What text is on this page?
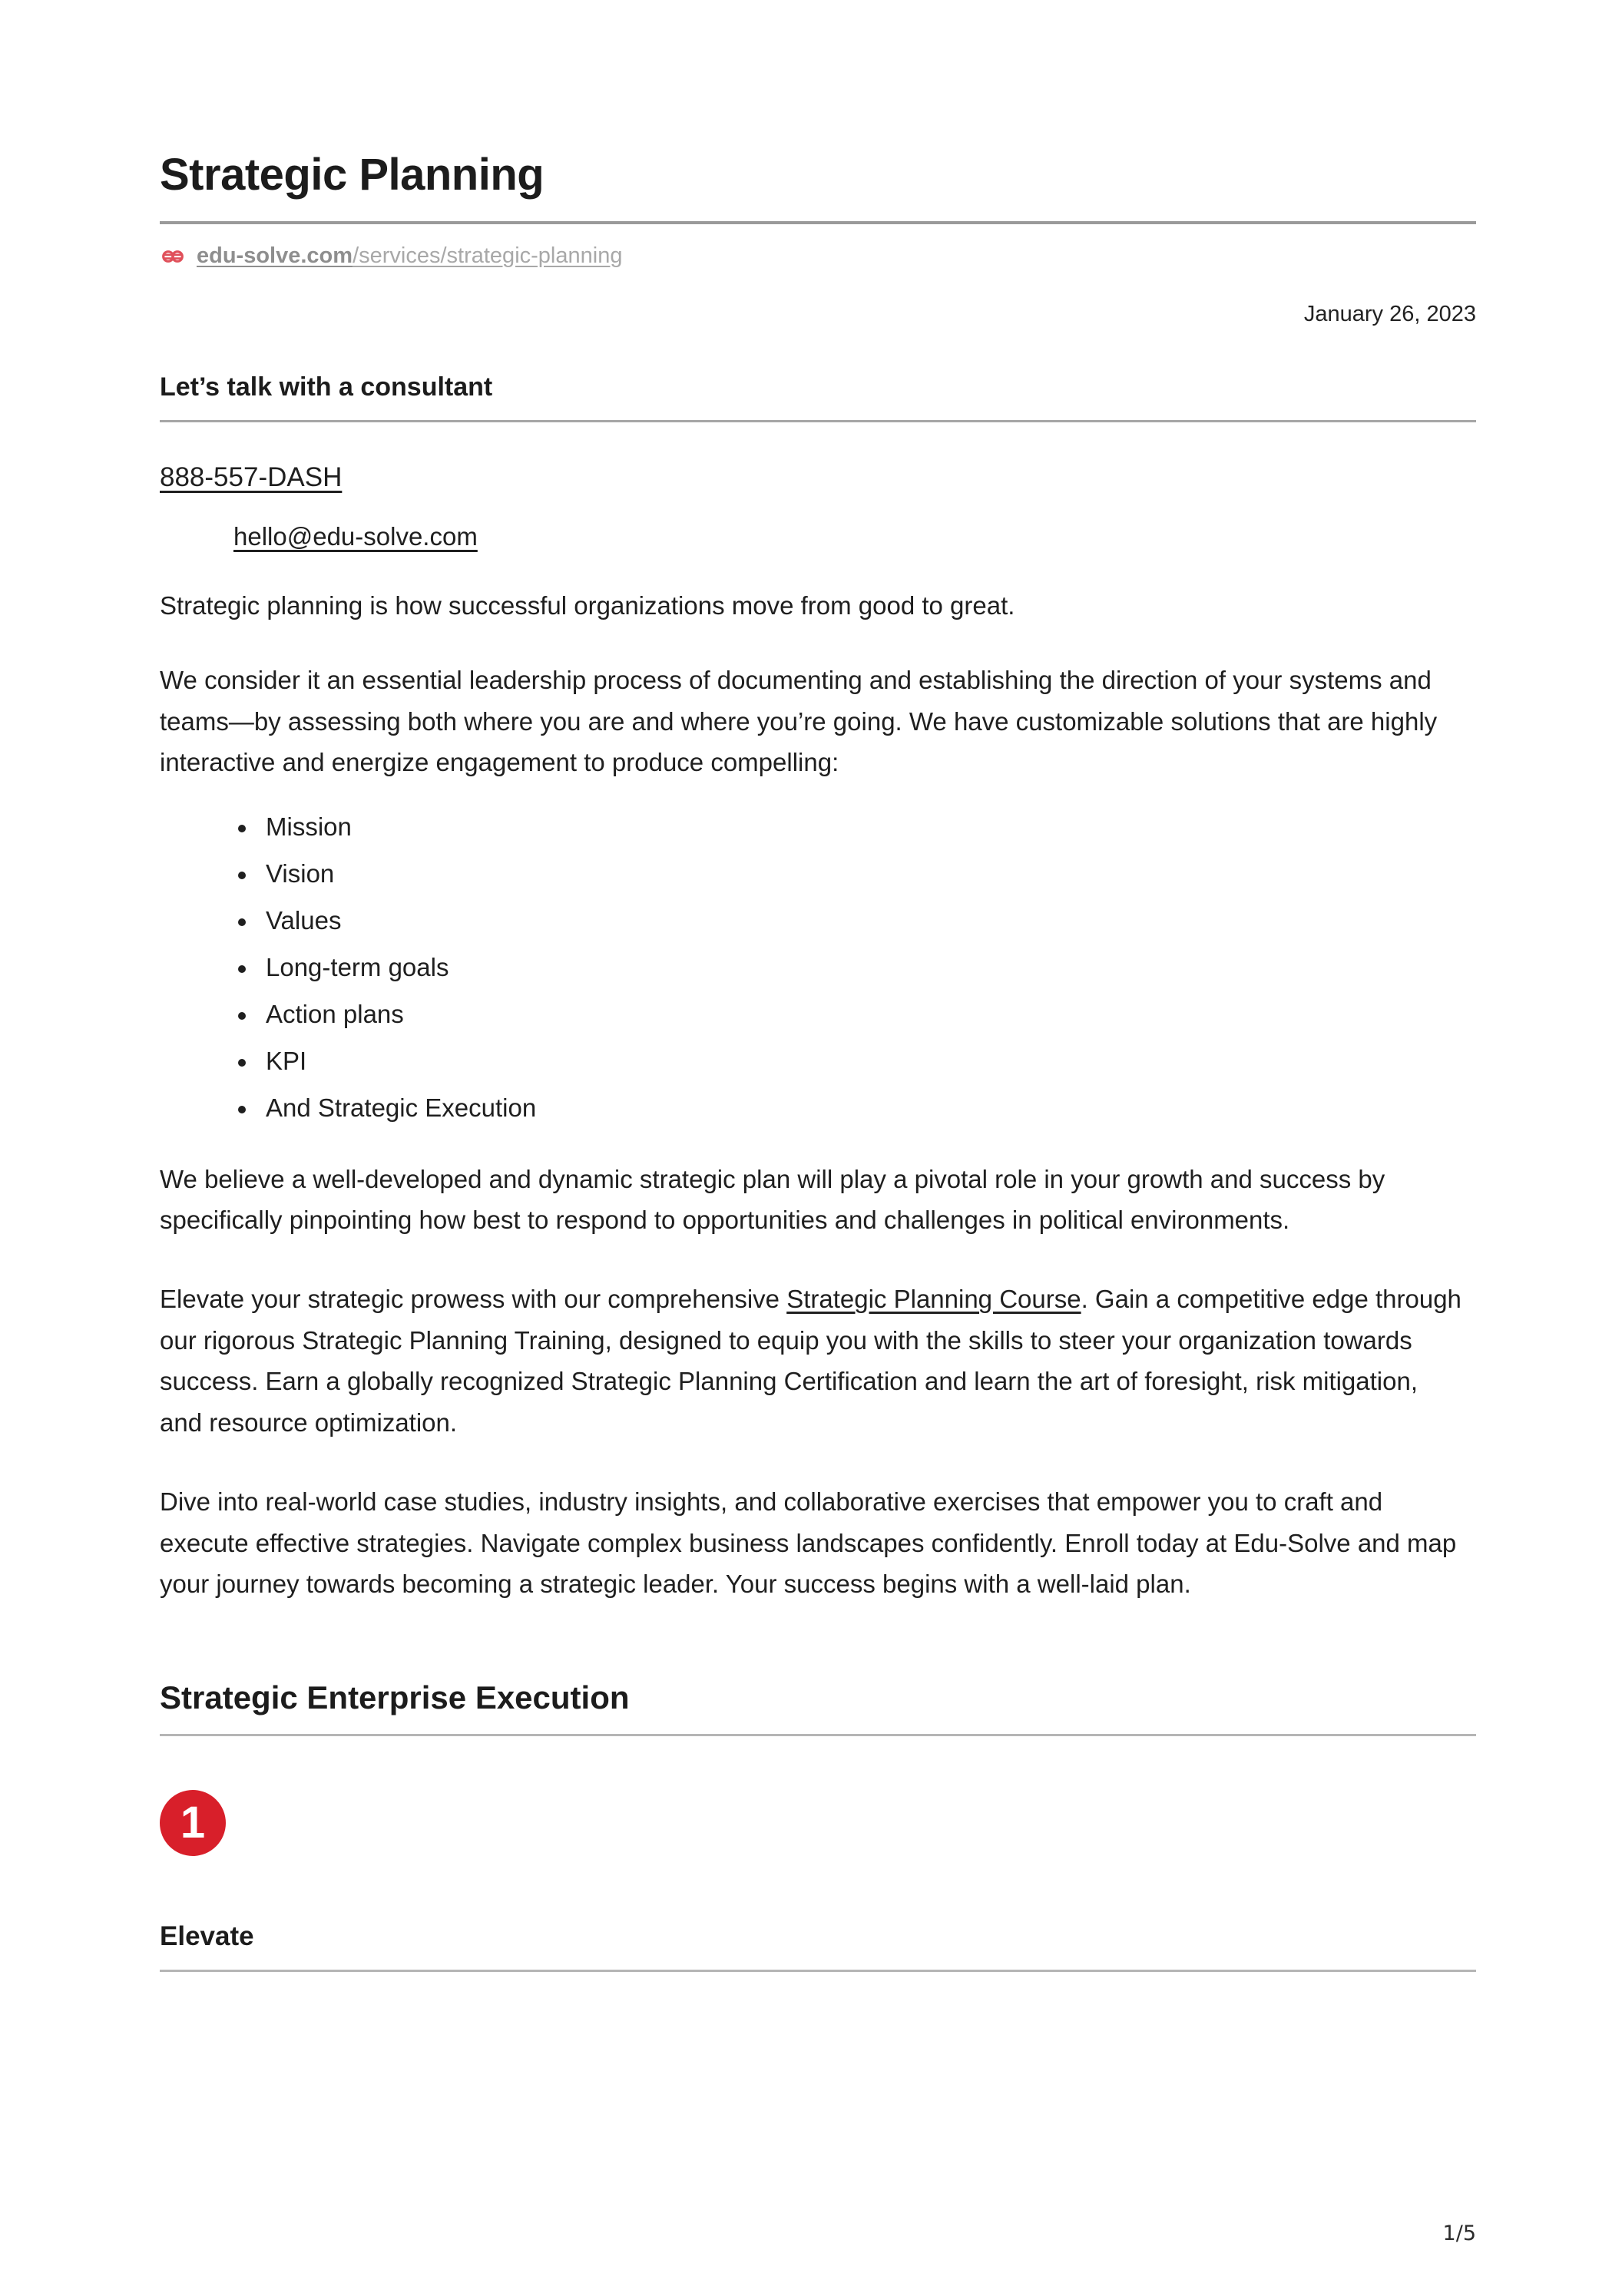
Strategic Planning
edu-solve.com /services/strategic-planning
January 26, 2023
Let’s talk with a consultant
888-557-DASH
hello@edu-solve.com

Strategic planning is how successful organizations move from good to great.

We consider it an essential leadership process of documenting and establishing the direction of your systems and teams—by assessing both where you are and where you’re going. We have customizable solutions that are highly interactive and energize engagement to produce compelling:

Mission
Vision
Values
Long-term goals
Action plans
KPI
And Strategic Execution

We believe a well-developed and dynamic strategic plan will play a pivotal role in your growth and success by specifically pinpointing how best to respond to opportunities and challenges in political environments.

Elevate your strategic prowess with our comprehensive Strategic Planning Course. Gain a competitive edge through our rigorous Strategic Planning Training, designed to equip you with the skills to steer your organization towards success. Earn a globally recognized Strategic Planning Certification and learn the art of foresight, risk mitigation, and resource optimization.

Dive into real-world case studies, industry insights, and collaborative exercises that empower you to craft and execute effective strategies. Navigate complex business landscapes confidently. Enroll today at Edu-Solve and map your journey towards becoming a strategic leader. Your success begins with a well-laid plan.

Strategic Enterprise Execution
1
Elevate
1/5
